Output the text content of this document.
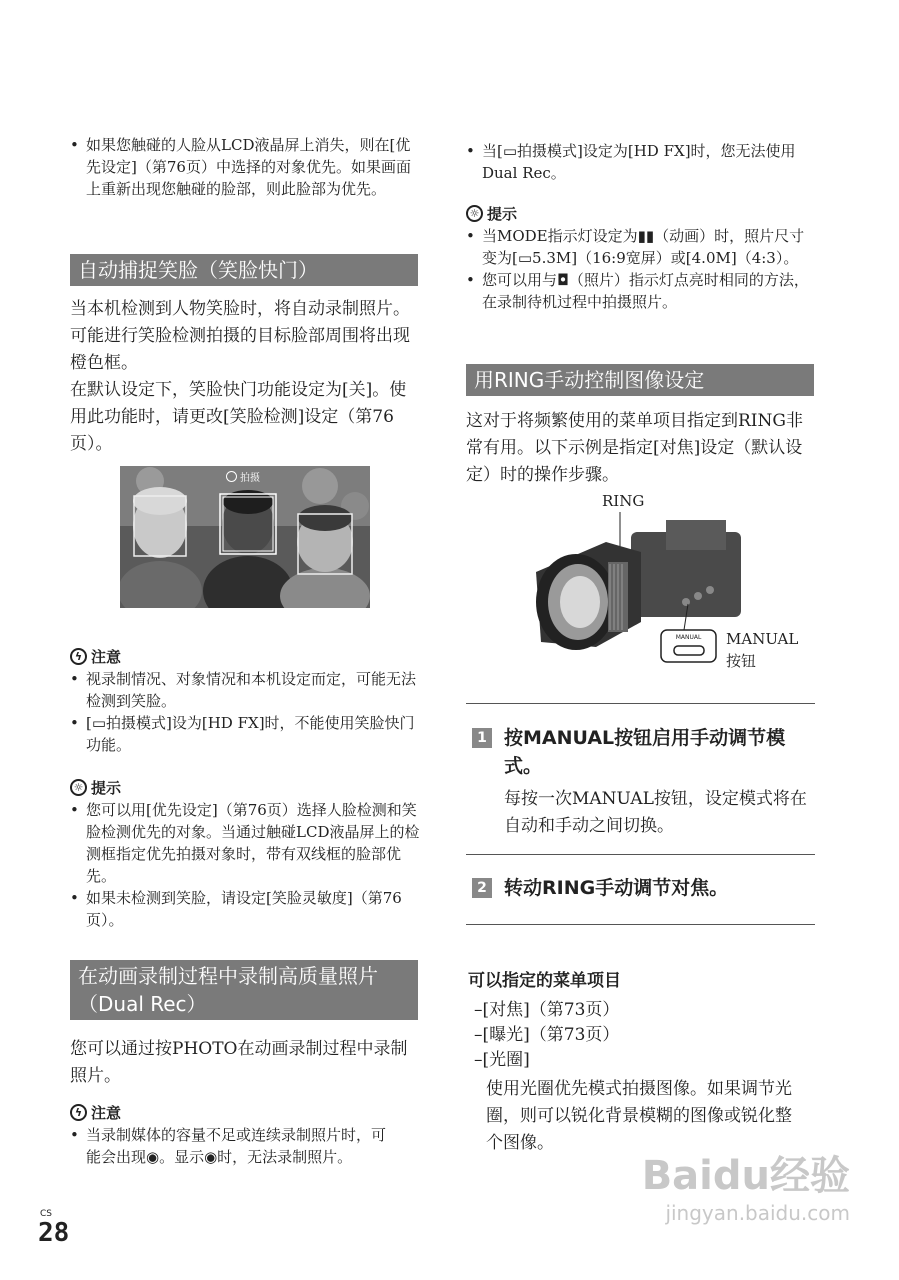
• 如果您触碰的人脸从LCD液晶屏上消失，则在[优先设定]（第76页）中选择的对象优先。如果画面上重新出现您触碰的脸部，则此脸部为优先。
自动捕捉笑脸（笑脸快门）

当本机检测到人物笑脸时，将自动录制照片。可能进行笑脸检测拍摄的目标脸部周围将出现橙色框。
在默认设定下，笑脸快门功能设定为[关]。使用此功能时，请更改[笑脸检测]设定（第76页）。

拍摄
ϟ 注意
• 视录制情况、对象情况和本机设定而定，可能无法检测到笑脸。
• [▭拍摄模式]设为[HD FX]时，不能使用笑脸快门功能。
☼ 提示
• 您可以用[优先设定]（第76页）选择人脸检测和笑脸检测优先的对象。当通过触碰LCD液晶屏上的检测框指定优先拍摄对象时，带有双线框的脸部优先。
• 如果未检测到笑脸，请设定[笑脸灵敏度]（第76页）。
在动画录制过程中录制高质量照片（Dual Rec）

您可以通过按PHOTO在动画录制过程中录制照片。

ϟ 注意
• 当录制媒体的容量不足或连续录制照片时，可能会出现◉。显示◉时，无法录制照片。
• 当[▭拍摄模式]设定为[HD FX]时，您无法使用Dual Rec。
☼ 提示
• 当MODE指示灯设定为▮▮（动画）时，照片尺寸变为[▭5.3M]（16:9宽屏）或[4.0M]（4:3）。
• 您可以用与◘（照片）指示灯点亮时相同的方法，在录制待机过程中拍摄照片。
用RING手动控制图像设定

这对于将频繁使用的菜单项目指定到RING非常有用。以下示例是指定[对焦]设定（默认设定）时的操作步骤。

RING
MANUAL	MANUAL按钮
1 按MANUAL按钮启用手动调节模式。

每按一次MANUAL按钮，设定模式将在自动和手动之间切换。

2 转动RING手动调节对焦。
可以指定的菜单项目
–[对焦]（第73页）
–[曝光]（第73页）
–[光圈]

使用光圈优先模式拍摄图像。如果调节光圈，则可以锐化背景模糊的图像或锐化整个图像。

CS
28
Baidu经验
jingyan.baidu.com
